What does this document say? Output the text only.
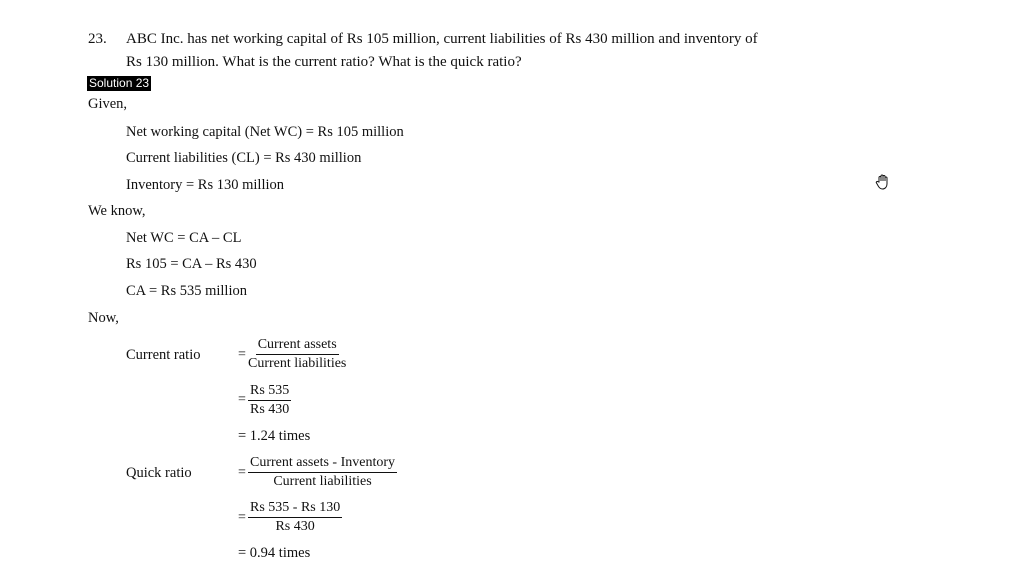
23. ABC Inc. has net working capital of Rs 105 million, current liabilities of Rs 430 million and inventory of
Rs 130 million. What is the current ratio? What is the quick ratio?
Solution 23
Given,
Net working capital (Net WC) = Rs 105 million
Current liabilities (CL) = Rs 430 million
Inventory = Rs 130 million
We know,
Net WC = CA – CL
Rs 105 = CA – Rs 430
CA = Rs 535 million
Now,
Current ratio	=
Current assets
Current liabilities
= $\frac{Rs 535}{Rs 430}$
= 1.24 times
Quick ratio	=
Current assets - Inventory
Current liabilities
= $\frac{Rs 535 - Rs 130}{Rs 430}$
= 0.94 times
